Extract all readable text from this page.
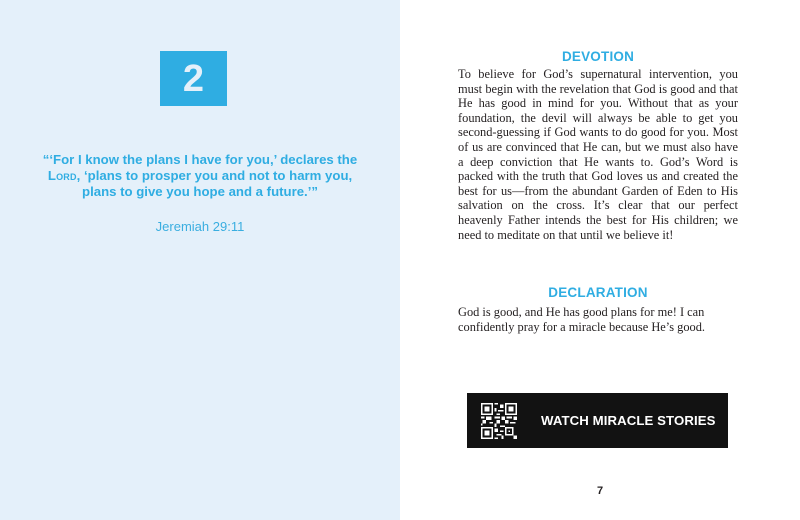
2
“‘For I know the plans I have for you,’ declares the Lord, ‘plans to prosper you and not to harm you, plans to give you hope and a future.’”
Jeremiah 29:11
DEVOTION
To believe for God’s supernatural intervention, you must begin with the revelation that God is good and that He has good in mind for you. Without that as your foundation, the devil will always be able to get you second-guessing if God wants to do good for you. Most of us are convinced that He can, but we must also have a deep conviction that He wants to. God’s Word is packed with the truth that God loves us and created the best for us—from the abundant Garden of Eden to His salvation on the cross. It’s clear that our perfect heavenly Father intends the best for His children; we need to meditate on that until we believe it!
DECLARATION
God is good, and He has good plans for me! I can confidently pray for a miracle because He’s good.
WATCH MIRACLE STORIES
7
